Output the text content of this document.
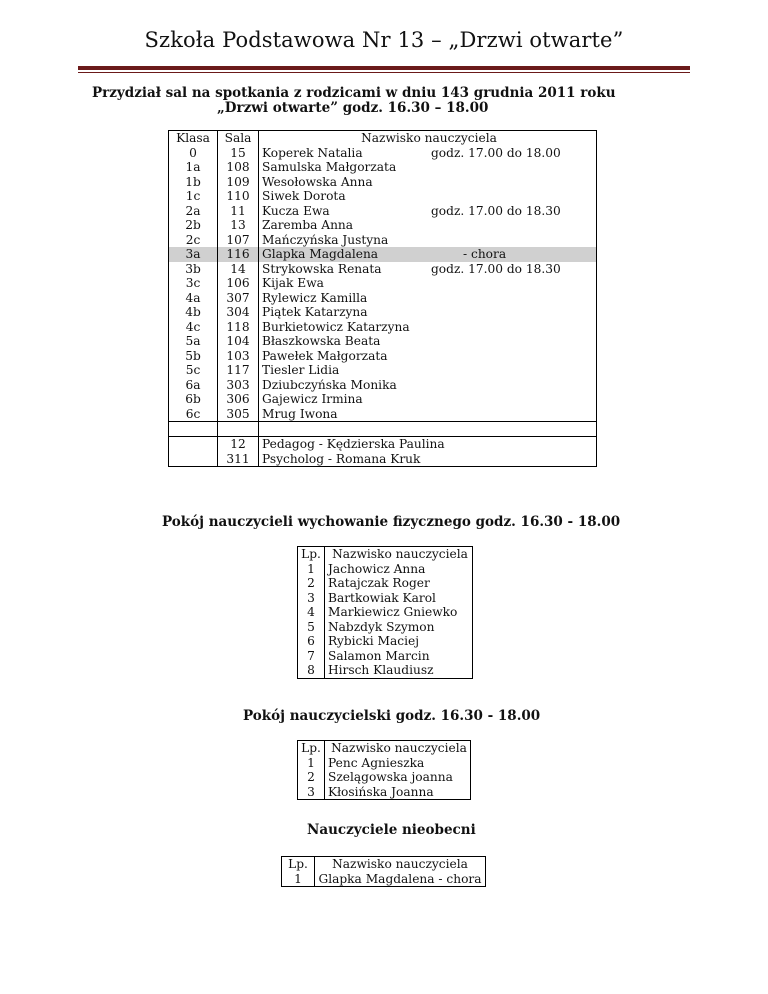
Szkoła Podstawowa Nr 13 – „Drzwi otwarte”
Przydział sal na spotkania z rodzicami w dniu 143 grudnia 2011 roku
„Drzwi otwarte” godz. 16.30 – 18.00
Klasa	Sala	Nazwisko nauczyciela
0	15	Koperek Natalia godz. 17.00 do 18.00

1a	108	Samulska Małgorzata
1b	109	Wesołowska Anna
1c	110	Siwek Dorota
2a	11	Kucza Ewa godz. 17.00 do 18.30

2b	13	Zaremba Anna
2c	107	Mańczyńska Justyna
3a	116	Glapka Magdalena - chora

3b	14	Strykowska Renata godz. 17.00 do 18.30

3c	106	Kijak Ewa
4a	307	Rylewicz Kamilla
4b	304	Piątek Katarzyna
4c	118	Burkietowicz Katarzyna
5a	104	Błaszkowska Beata
5b	103	Pawełek Małgorzata
5c	117	Tiesler Lidia
6a	303	Dziubczyńska Monika
6b	306	Gajewicz Irmina
6c	305	Mrug Iwona

	12	Pedagog - Kędzierska Paulina
	311	Psycholog - Romana Kruk
Pokój nauczycieli wychowanie fizycznego godz. 16.30 - 18.00
Lp.	Nazwisko nauczyciela
1	Jachowicz Anna
2	Ratajczak Roger
3	Bartkowiak Karol
4	Markiewicz Gniewko
5	Nabzdyk Szymon
6	Rybicki Maciej
7	Salamon Marcin
8	Hirsch Klaudiusz
Pokój nauczycielski godz. 16.30 - 18.00
Lp.	Nazwisko nauczyciela
1	Penc Agnieszka
2	Szelągowska joanna
3	Kłosińska Joanna
Nauczyciele nieobecni
Lp.	Nazwisko nauczyciela
1	Glapka Magdalena - chora
